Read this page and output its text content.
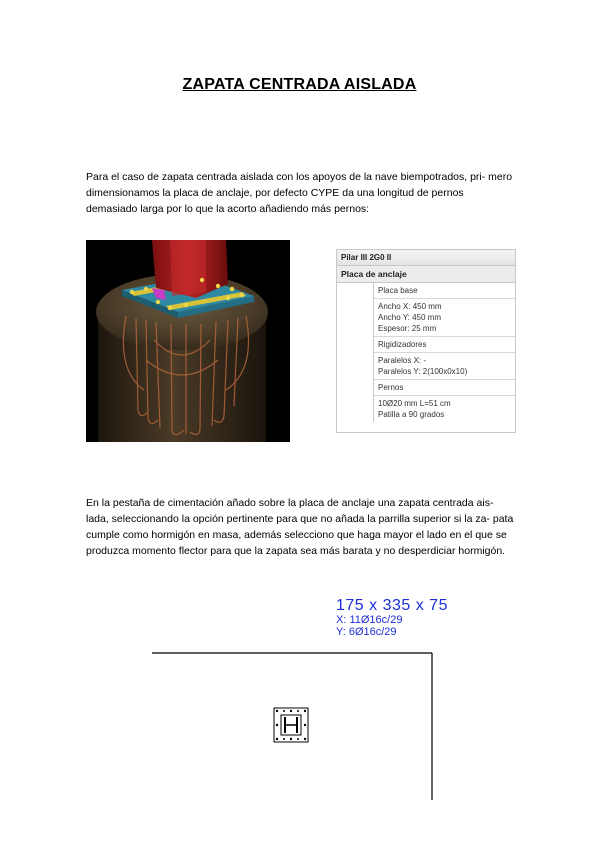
ZAPATA CENTRADA AISLADA
Para el caso de zapata centrada aislada con los apoyos de la nave biempotrados, pri- mero dimensionamos la placa de anclaje, por defecto CYPE da una longitud de pernos demasiado larga por lo que la acorto añadiendo más pernos:
Pilar III 2G0 II
Placa de anclaje
Placa base
Ancho X: 450 mm
Ancho Y: 450 mm
Espesor: 25 mm
Rigidizadores
Paralelos X: -
Paralelos Y: 2(100x0x10)
Pernos
10Ø20 mm L=51 cm
Patilla a 90 grados
En la pestaña de cimentación añado sobre la placa de anclaje una zapata centrada ais- lada, seleccionando la opción pertinente para que no añada la parrilla superior si la za- pata cumple como hormigón en masa, además selecciono que haga mayor el lado en el que se produzca momento flector para que la zapata sea más barata y no desperdiciar hormigón.
175 x 335 x 75
X: 11Ø16c/29
Y: 6Ø16c/29
